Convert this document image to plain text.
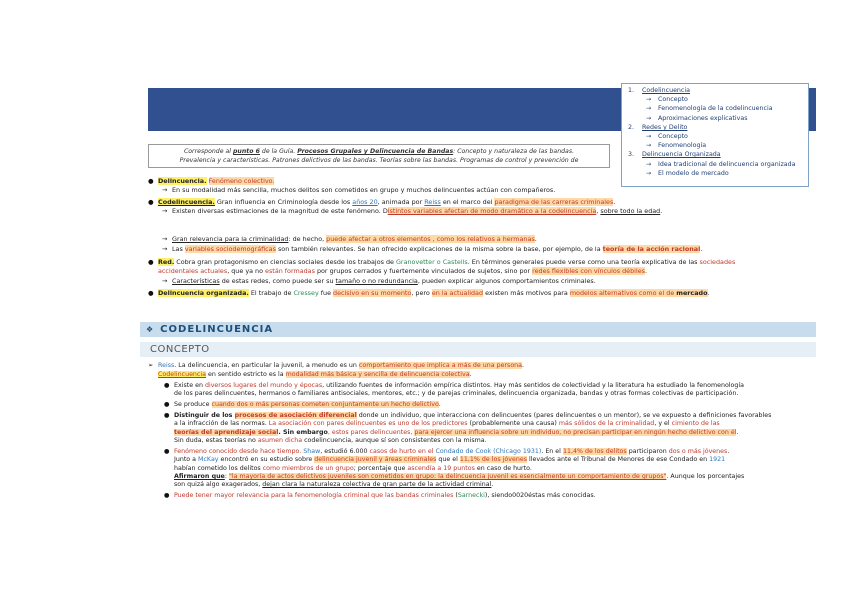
1. Codelincuencia
→ Concepto
→ Fenomenología de la codelincuencia
→ Aproximaciones explicativas
2. Redes y Delito
→ Concepto
→ Fenomenología
3. Delincuencia Organizada
→ Idea tradicional de delincuencia organizada
→ El modelo de mercado
Corresponde al punto 6 de la Guía. Procesos Grupales y Delincuencia de Bandas: Concepto y naturaleza de las bandas.
Prevalencia y características. Patrones delictivos de las bandas. Teorías sobre las bandas. Programas de control y prevención de
● Delincuencia. Fenómeno colectivo.
→ En su modalidad más sencilla, muchos delitos son cometidos en grupo y muchos delincuentes actúan con compañeros.
● Codelincuencia. Gran influencia en Criminología desde los años 20, animada por Reiss en el marco del paradigma de las carreras criminales.
→ Existen diversas estimaciones de la magnitud de este fenómeno. Distintos variables afectan de modo dramático a la codelincuencia, sobre todo la edad.
→ Gran relevancia para la criminalidad: de hecho, puede afectar a otros elementos , como los relativos a hermanas.
→ Las variables sociodemográficas son también relevantes. Se han ofrecido explicaciones de la misma sobre la base, por ejemplo, de la teoría de la acción racional.
● Red. Cobra gran protagonismo en ciencias sociales desde los trabajos de Granovetter o Castells. En términos generales puede verse como una teoría explicativa de las sociedades
accidentales actuales, que ya no están formadas por grupos cerrados y fuertemente vinculados de sujetos, sino por redes flexibles con vínculos débiles.
→ Características de estas redes, como puede ser su tamaño o no redundancia, pueden explicar algunos comportamientos criminales.
● Delincuencia organizada. El trabajo de Cressey fue decisivo en su momento, pero en la actualidad existen más motivos para modelos alternativos como el de mercado.
❖ CODELINCUENCIA
CONCEPTO
➢ Reiss. La delincuencia, en particular la juvenil, a menudo es un comportamiento que implica a más de una persona.
Codelincuencia en sentido estricto es la modalidad más básica y sencilla de delincuencia colectiva.
● Existe en diversos lugares del mundo y épocas, utilizando fuentes de información empírica distintos. Hay más sentidos de colectividad y la literatura ha estudiado la fenomenología
de los pares delincuentes, hermanos o familiares antisociales, mentores, etc.; y de parejas criminales, delincuencia organizada, bandas y otras formas colectivas de participación.
● Se produce cuando dos o más personas cometen conjuntamente un hecho delictivo.
● Distinguir de los procesos de asociación diferencial donde un individuo, que interacciona con delincuentes (pares delincuentes o un mentor), se ve expuesto a definiciones favorables
a la infracción de las normas. La asociación con pares delincuentes es uno de los predictores (probablemente una causa) más sólidos de la criminalidad, y el cimiento de las
teorías del aprendizaje social. Sin embargo, estos pares delincuentes, para ejercer una influencia sobre un individuo, no precisan participar en ningún hecho delictivo con él.
Sin duda, estas teorías no asumen dicha codelincuencia, aunque sí son consistentes con la misma.
● Fenómeno conocido desde hace tiempo. Shaw, estudió 6.000 casos de hurto en el Condado de Cook (Chicago 1931). En el 11,4% de los delitos participaron dos o más jóvenes.
Junto a McKay encontró en su estudio sobre delincuencia juvenil y áreas criminales que el 11,1% de los jóvenes llevados ante el Tribunal de Menores de ese Condado en 1921
habían cometido los delitos como miembros de un grupo; porcentaje que ascendía a 19 puntos en caso de hurto.
Afirmaron que: "la mayoría de actos delictivos juveniles son cometidos en grupo: la delincuencia juvenil es esencialmente un comportamiento de grupos". Aunque los porcentajes
son quizá algo exagerados, dejan clara la naturaleza colectiva de gran parte de la actividad criminal.
● Puede tener mayor relevancia para la fenomenología criminal que las bandas criminales (Sarnecki), siendo0020éstas más conocidas.
